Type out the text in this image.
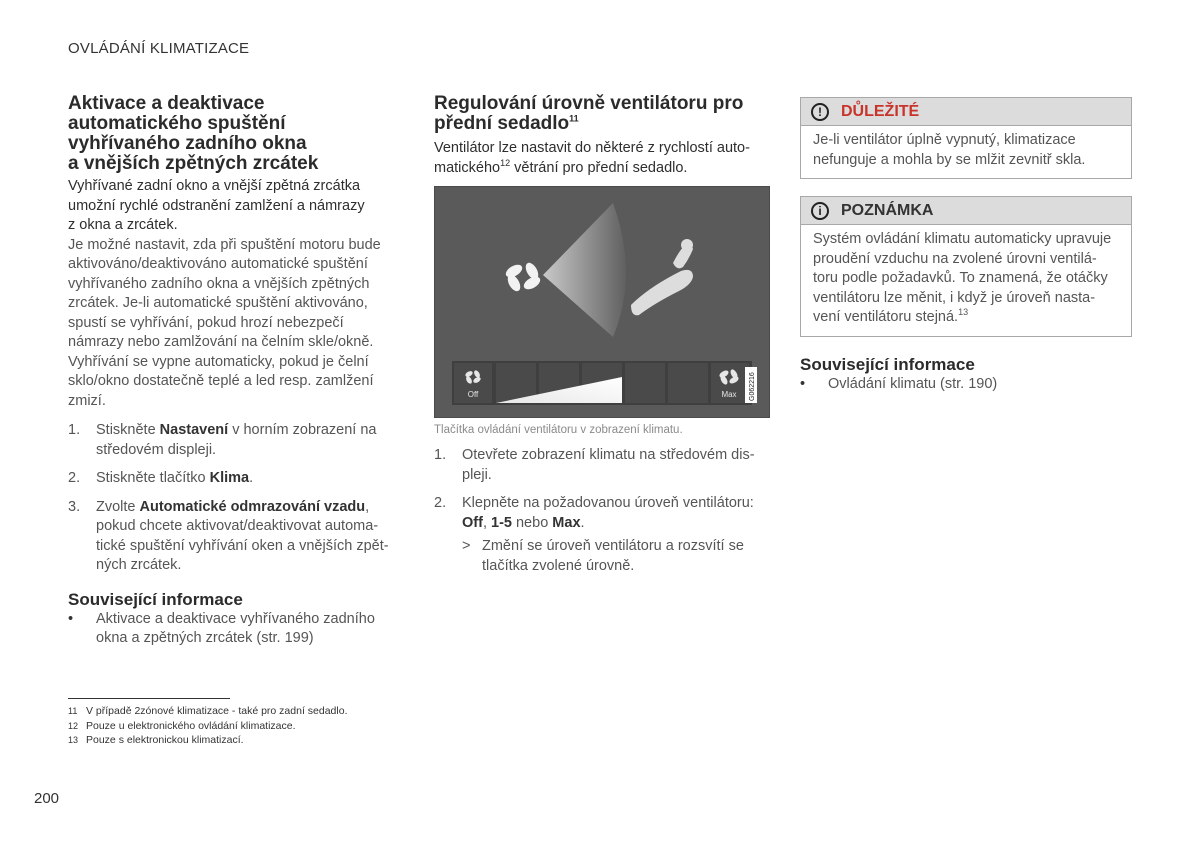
OVLÁDÁNÍ KLIMATIZACE
Aktivace a deaktivace
automatického spuštění
vyhřívaného zadního okna
a vnějších zpětných zrcátek

Vyhřívané zadní okno a vnější zpětná zrcátka
umožní rychlé odstranění zamlžení a námrazy
z okna a zrcátek.

Je možné nastavit, zda při spuštění motoru bude
aktivováno/deaktivováno automatické spuštění
vyhřívaného zadního okna a vnějších zpětných
zrcátek. Je-li automatické spuštění aktivováno,
spustí se vyhřívání, pokud hrozí nebezpečí
námrazy nebo zamlžování na čelním skle/okně.
Vyhřívání se vypne automaticky, pokud je čelní
sklo/okno dostatečně teplé a led resp. zamlžení
zmizí.

1. Stiskněte Nastavení v horním zobrazení na
středovém displeji.
2. Stiskněte tlačítko Klima.
3. Zvolte Automatické odmrazování vzadu,
pokud chcete aktivovat/deaktivovat automa-
tické spuštění vyhřívání oken a vnějších zpět-
ných zrcátek.
Související informace
• Aktivace a deaktivace vyhřívaného zadního
okna a zpětných zrcátek (str. 199)
Regulování úrovně ventilátoru pro
přední sedadlo$^{11}$

Ventilátor lze nastavit do některé z rychlostí auto-
matického$^{12}$ větrání pro přední sedadlo.

Off	Max G062216
Tlačítka ovládání ventilátoru v zobrazení klimatu.
1. Otevřete zobrazení klimatu na středovém dis-
pleji.
2. Klepněte na požadovanou úroveň ventilátoru:
Off, 1-5 nebo Max.
> Změní se úroveň ventilátoru a rozsvítí se
tlačítka zvolené úrovně.
!	DŮLEŽITÉ
Je-li ventilátor úplně vypnutý, klimatizace
nefunguje a mohla by se mlžit zevnitř skla.
i	POZNÁMKA
Systém ovládání klimatu automaticky upravuje
proudění vzduchu na zvolené úrovni ventilá-
toru podle požadavků. To znamená, že otáčky
ventilátoru lze měnit, i když je úroveň nasta-
vení ventilátoru stejná.$^{13}$
Související informace
• Ovládání klimatu (str. 190)
11 V případě 2zónové klimatizace - také pro zadní sedadlo.
12 Pouze u elektronického ovládání klimatizace.
13 Pouze s elektronickou klimatizací.
200
